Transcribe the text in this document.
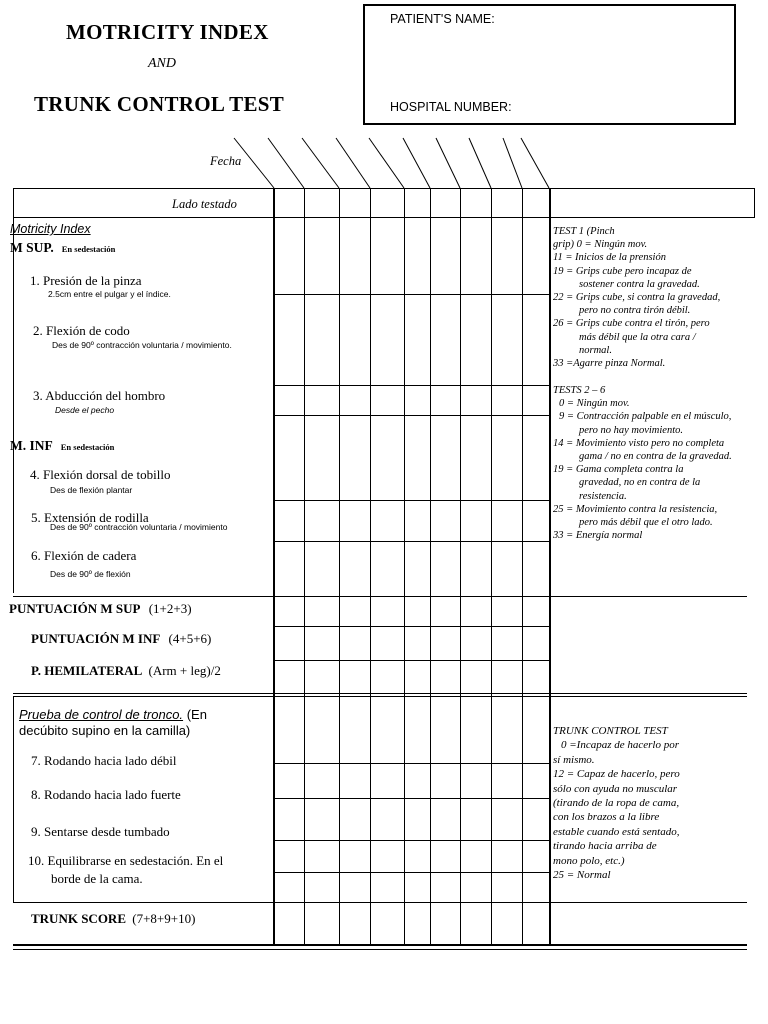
MOTRICITY INDEX
AND
TRUNK CONTROL TEST
PATIENT'S NAME:
HOSPITAL NUMBER:
Fecha
Lado testado
Motricity Index
M SUP. En sedestación
1. Presión de la pinza
2.5cm entre el pulgar y el índice.
2. Flexión de codo
Des de 90º contracción voluntaria / movimiento.
3. Abducción del hombro
Desde el pecho
M. INF En sedestación
4. Flexión dorsal de tobillo
Des de flexión plantar
5. Extensión de rodilla
Des de 90º contracción voluntaria / movimiento
6. Flexión de cadera
Des de 90º de flexión
TEST 1 (Pinch
grip) 0 = Ningún mov.
11 = Inicios de la prensión
19 = Grips cube pero incapaz de
sostener contra la gravedad.
22 = Grips cube, si contra la gravedad,
pero no contra tirón débil.
26 = Grips cube contra el tirón, pero
más débil que la otra cara /
normal.
33 =Agarre pinza Normal.
TESTS 2 – 6
0 = Ningún mov.
9 = Contracción palpable en el músculo,
pero no hay movimiento.
14 = Movimiento visto pero no completa
gama / no en contra de la gravedad.
19 = Gama completa contra la
gravedad, no en contra de la
resistencia.
25 = Movimiento contra la resistencia,
pero más débil que el otro lado.
33 = Energía normal
PUNTUACIÓN M SUP (1+2+3)
PUNTUACIÓN M INF (4+5+6)
P. HEMILATERAL (Arm + leg)/2
Prueba de control de tronco. (En
decúbito supino en la camilla)
7. Rodando hacia lado débil
8. Rodando hacia lado fuerte
9. Sentarse desde tumbado
10. Equilibrarse en sedestación. En el
borde de la cama.
TRUNK SCORE (7+8+9+10)
TRUNK CONTROL TEST
0 =Incapaz de hacerlo por
sí mismo.
12 = Capaz de hacerlo, pero
sólo con ayuda no muscular
(tirando de la ropa de cama,
con los brazos a la libre
estable cuando está sentado,
tirando hacia arriba de
mono polo, etc.)
25 = Normal
